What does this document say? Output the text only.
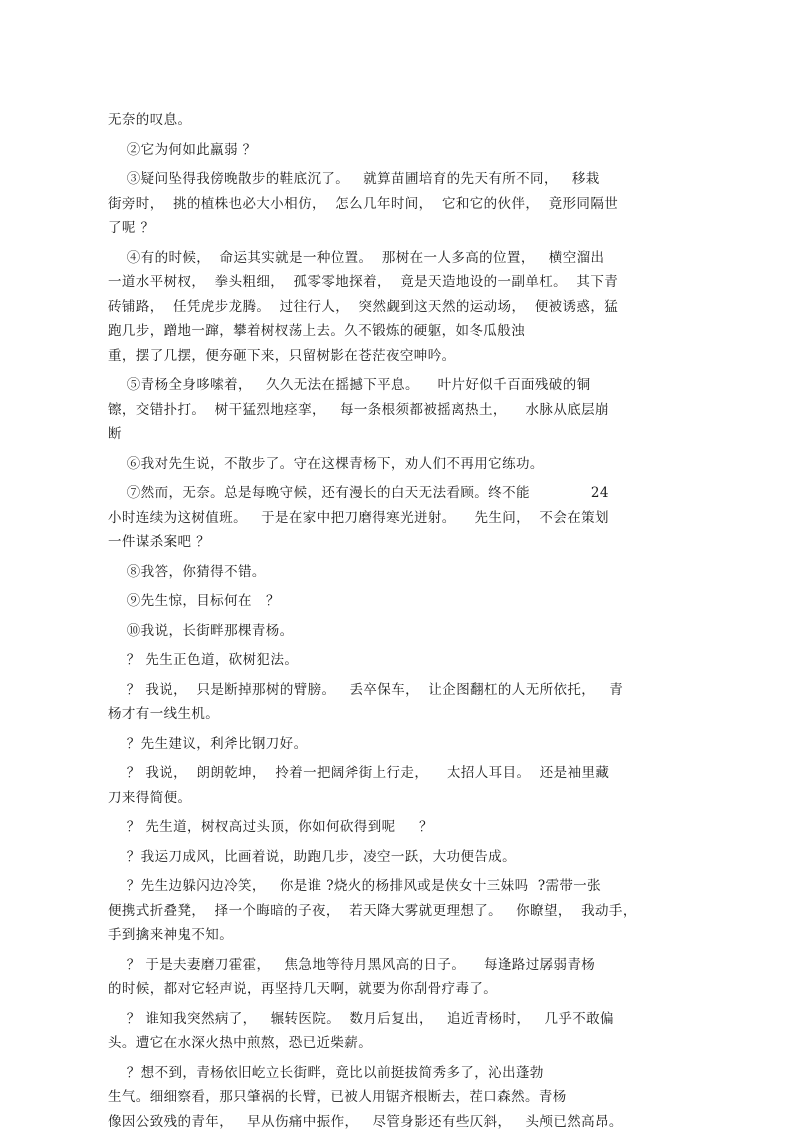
无奈的叹息。
②它为何如此羸弱 ？
③疑问坠得我傍晚散步的鞋底沉了。   就算苗圃培育的先天有所不同，   移栽
街旁时，  挑的植株也必大小相仿，  怎么几年时间，  它和它的伙伴，  竟形同隔世
了呢 ？
④有的时候，  命运其实就是一种位置。  那树在一人多高的位置，   横空溜出
一道水平树杈，  拳头粗细，  孤零零地探着，  竟是天造地设的一副单杠。  其下青
砖铺路，  任凭虎步龙腾。  过往行人，  突然觑到这天然的运动场，  便被诱惑，猛
跑几步，蹭地一蹿，攀着树杈荡上去。久不锻炼的硬躯，如冬瓜般浊
重，摆了几摆，便夯砸下来，只留树影在苍茫夜空呻吟。
⑤青杨全身哆嗦着，   久久无法在摇撼下平息。    叶片好似千百面残破的铜
镲，交错扑打。  树干猛烈地痉挛，   每一条根须都被摇离热土，    水脉从底层崩
断
⑥我对先生说，不散步了。守在这棵青杨下，劝人们不再用它练功。
⑦然而，无奈。总是每晚守候，还有漫长的白天无法看顾。终不能             24
小时连续为这树值班。   于是在家中把刀磨得寒光迸射。    先生问，  不会在策划
一件谋杀案吧 ？
⑧我答，你猜得不错。
⑨先生惊，目标何在   ？
⑩我说，长街畔那棵青杨。
？ 先生正色道，砍树犯法。
？ 我说，  只是断掉那树的臂膀。   丢卒保车，  让企图翻杠的人无所依托，   青
杨才有一线生机。
？先生建议，利斧比钢刀好。
？ 我说，  朗朗乾坤，  拎着一把阔斧街上行走，    太招人耳目。  还是袖里藏
刀来得简便。
？ 先生道，树杈高过头顶，你如何砍得到呢     ？
？我运刀成风，比画着说，助跑几步，凌空一跃，大功便告成。
？先生边躲闪边冷笑，   你是谁 ?烧火的杨排风或是侠女十三妹吗  ?需带一张
便携式折叠凳，  择一个晦暗的子夜，  若天降大雾就更理想了。   你瞭望，  我动手，
手到擒来神鬼不知。
？ 于是夫妻磨刀霍霍，   焦急地等待月黑风高的日子。    每逢路过孱弱青杨
的时候，都对它轻声说，再坚持几天啊，就要为你刮骨疗毒了。
？ 谁知我突然病了，   辗转医院。  数月后复出，   追近青杨时，   几乎不敢偏
头。遭它在水深火热中煎熬，恐已近柴薪。
？想不到，青杨依旧屹立长街畔，竟比以前挺拔简秀多了，沁出蓬勃
生气。细细察看，那只肇祸的长臂，已被人用锯齐根断去，茬口森然。青杨
像因公致残的青年，   早从伤痛中振作，   尽管身影还有些仄斜，   头颅已然高昂。
